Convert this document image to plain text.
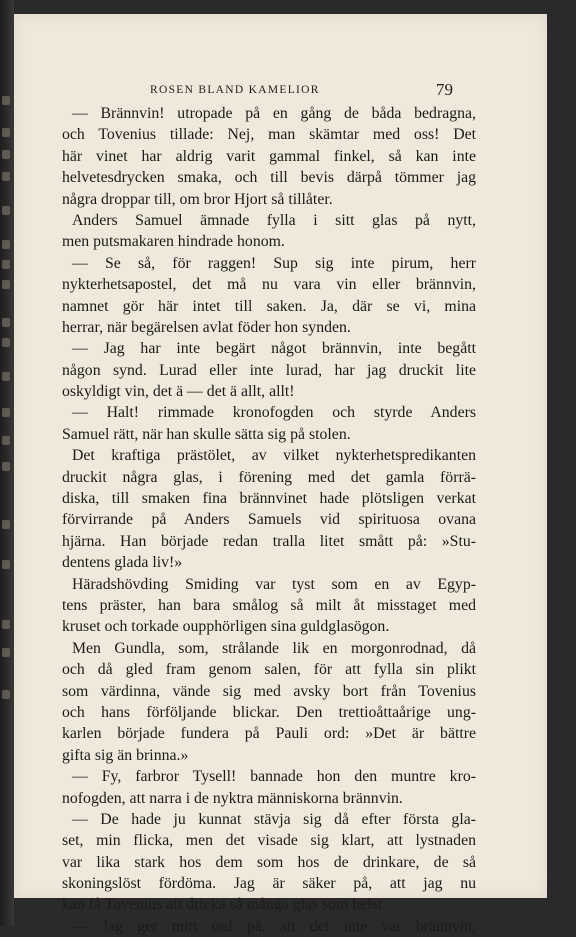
ROSEN BLAND KAMELIOR	79
— Brännvin! utropade på en gång de båda bedragna,
och Tovenius tillade: Nej, man skämtar med oss! Det
här vinet har aldrig varit gammal finkel, så kan inte
helvetesdrycken smaka, och till bevis därpå tömmer jag
några droppar till, om bror Hjort så tillåter.
Anders Samuel ämnade fylla i sitt glas på nytt,
men putsmakaren hindrade honom.
— Se så, för raggen! Sup sig inte pirum, herr
nykterhetsapostel, det må nu vara vin eller brännvin,
namnet gör här intet till saken. Ja, där se vi, mina
herrar, när begärelsen avlat föder hon synden.
— Jag har inte begärt något brännvin, inte begått
någon synd. Lurad eller inte lurad, har jag druckit lite
oskyldigt vin, det ä — det ä allt, allt!
— Halt! rimmade kronofogden och styrde Anders
Samuel rätt, när han skulle sätta sig på stolen.
Det kraftiga prästölet, av vilket nykterhetspredikanten
druckit några glas, i förening med det gamla förrä-
diska, till smaken fina brännvinet hade plötsligen verkat
förvirrande på Anders Samuels vid spirituosa ovana
hjärna. Han började redan tralla litet smått på: »Stu-
dentens glada liv!»
Häradshövding Smiding var tyst som en av Egyp-
tens präster, han bara smålog så milt åt misstaget med
kruset och torkade oupphörligen sina guldglasögon.
Men Gundla, som, strålande lik en morgonrodnad, då
och då gled fram genom salen, för att fylla sin plikt
som värdinna, vände sig med avsky bort från Tovenius
och hans förföljande blickar. Den trettioåttaårige ung-
karlen började fundera på Pauli ord: »Det är bättre
gifta sig än brinna.»
— Fy, farbror Tysell! bannade hon den muntre kro-
nofogden, att narra i de nyktra människorna brännvin.
— De hade ju kunnat stävja sig då efter första gla-
set, min flicka, men det visade sig klart, att lystnaden
var lika stark hos dem som hos de drinkare, de så
skoningslöst fördöma. Jag är säker på, att jag nu
kan få Tovenius att dricka så många glas som helst.
— Jag ger mitt ord på, att det inte var brännvin,
